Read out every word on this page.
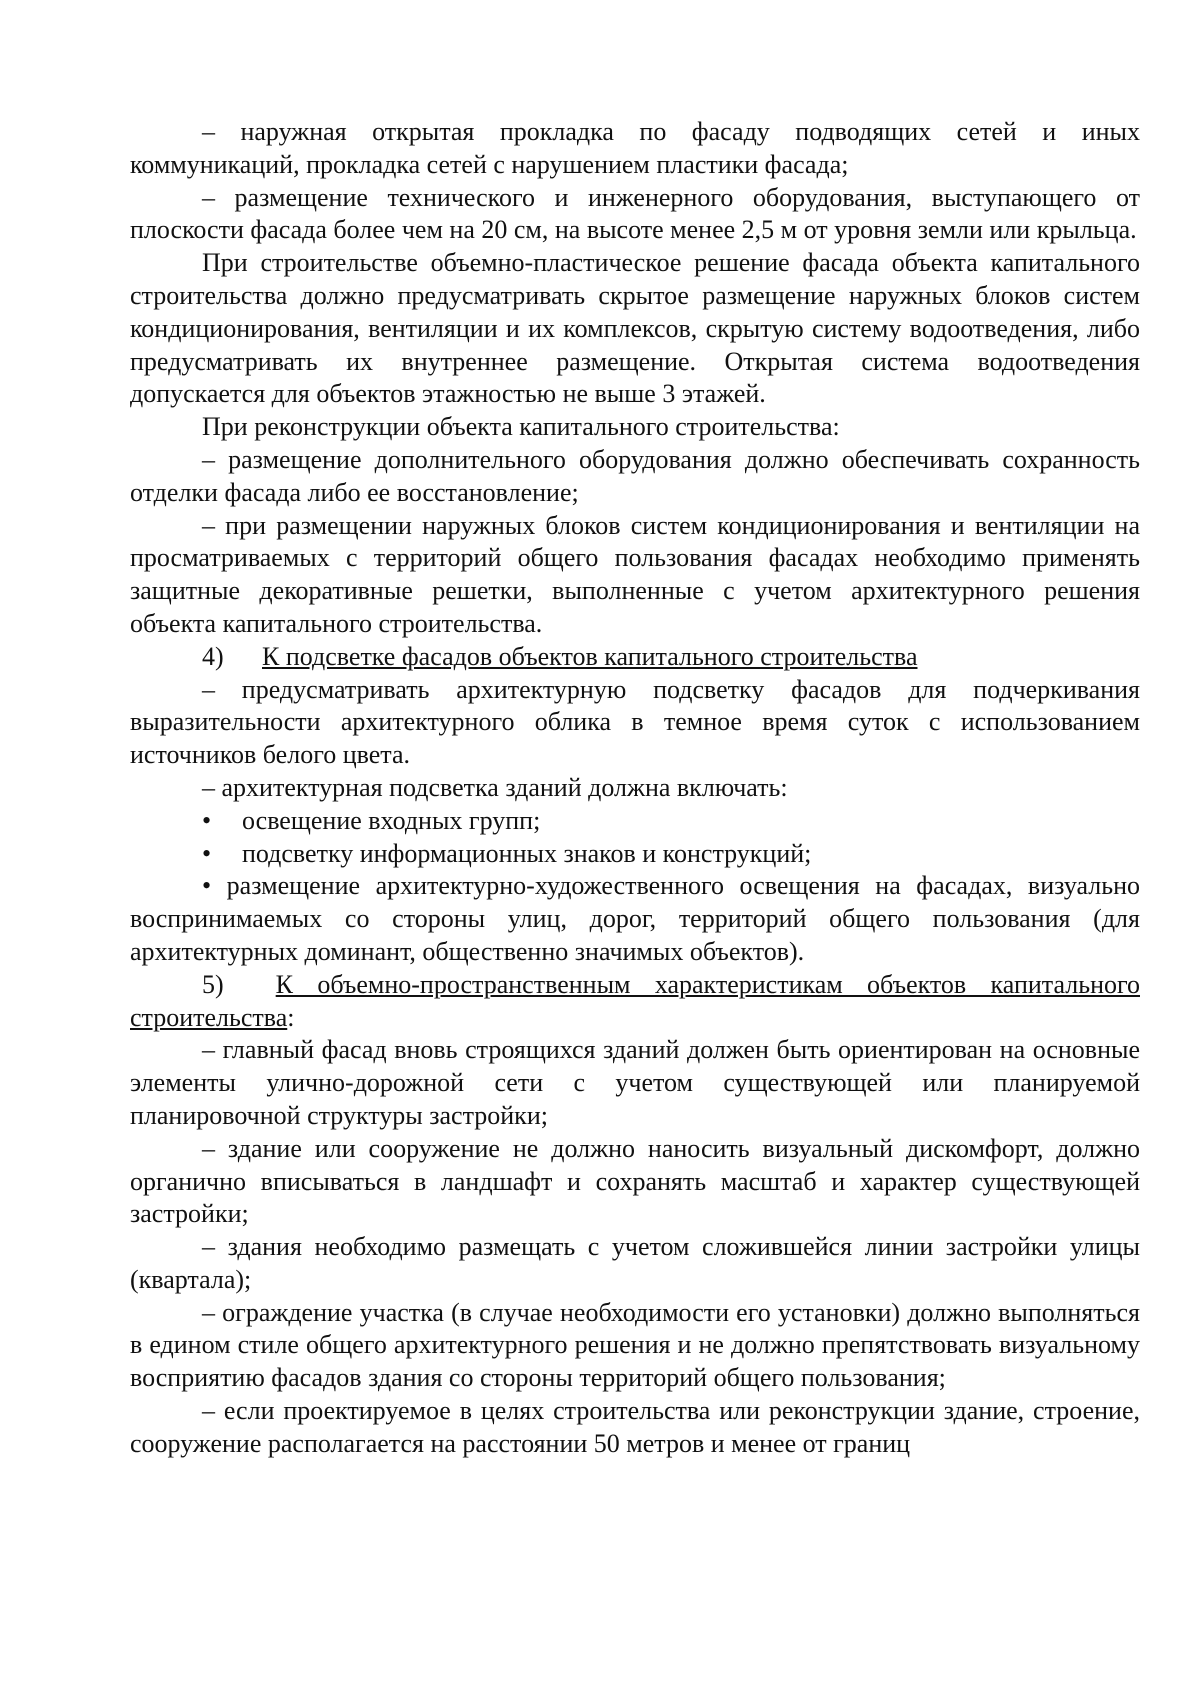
– наружная открытая прокладка по фасаду подводящих сетей и иных коммуникаций, прокладка сетей с нарушением пластики фасада;

– размещение технического и инженерного оборудования, выступающего от плоскости фасада более чем на 20 см, на высоте менее 2,5 м от уровня земли или крыльца.

При строительстве объемно-пластическое решение фасада объекта капитального строительства должно предусматривать скрытое размещение наружных блоков систем кондиционирования, вентиляции и их комплексов, скрытую систему водоотведения, либо предусматривать их внутреннее размещение. Открытая система водоотведения допускается для объектов этажностью не выше 3 этажей.

При реконструкции объекта капитального строительства:

– размещение дополнительного оборудования должно обеспечивать сохранность отделки фасада либо ее восстановление;

– при размещении наружных блоков систем кондиционирования и вентиляции на просматриваемых с территорий общего пользования фасадах необходимо применять защитные декоративные решетки, выполненные с учетом архитектурного решения объекта капитального строительства.

4)	К подсветке фасадов объектов капитального строительства

– предусматривать архитектурную подсветку фасадов для подчеркивания выразительности архитектурного облика в темное время суток с использованием источников белого цвета.

– архитектурная подсветка зданий должна включать:

•	освещение входных групп;
•	подсветку информационных знаков и конструкций;

• размещение архитектурно-художественного освещения на фасадах, визуально воспринимаемых со стороны улиц, дорог, территорий общего пользования (для архитектурных доминант, общественно значимых объектов).

5)   К объемно-пространственным характеристикам объектов капитального строительства:

– главный фасад вновь строящихся зданий должен быть ориентирован на основные элементы улично-дорожной сети с учетом существующей или планируемой планировочной структуры застройки;

– здание или сооружение не должно наносить визуальный дискомфорт, должно органично вписываться в ландшафт и сохранять масштаб и характер существующей застройки;

– здания необходимо размещать с учетом сложившейся линии застройки улицы (квартала);

– ограждение участка (в случае необходимости его установки) должно выполняться в едином стиле общего архитектурного решения и не должно препятствовать визуальному восприятию фасадов здания со стороны территорий общего пользования;

– если проектируемое в целях строительства или реконструкции здание, строение, сооружение располагается на расстоянии 50 метров и менее от границ
